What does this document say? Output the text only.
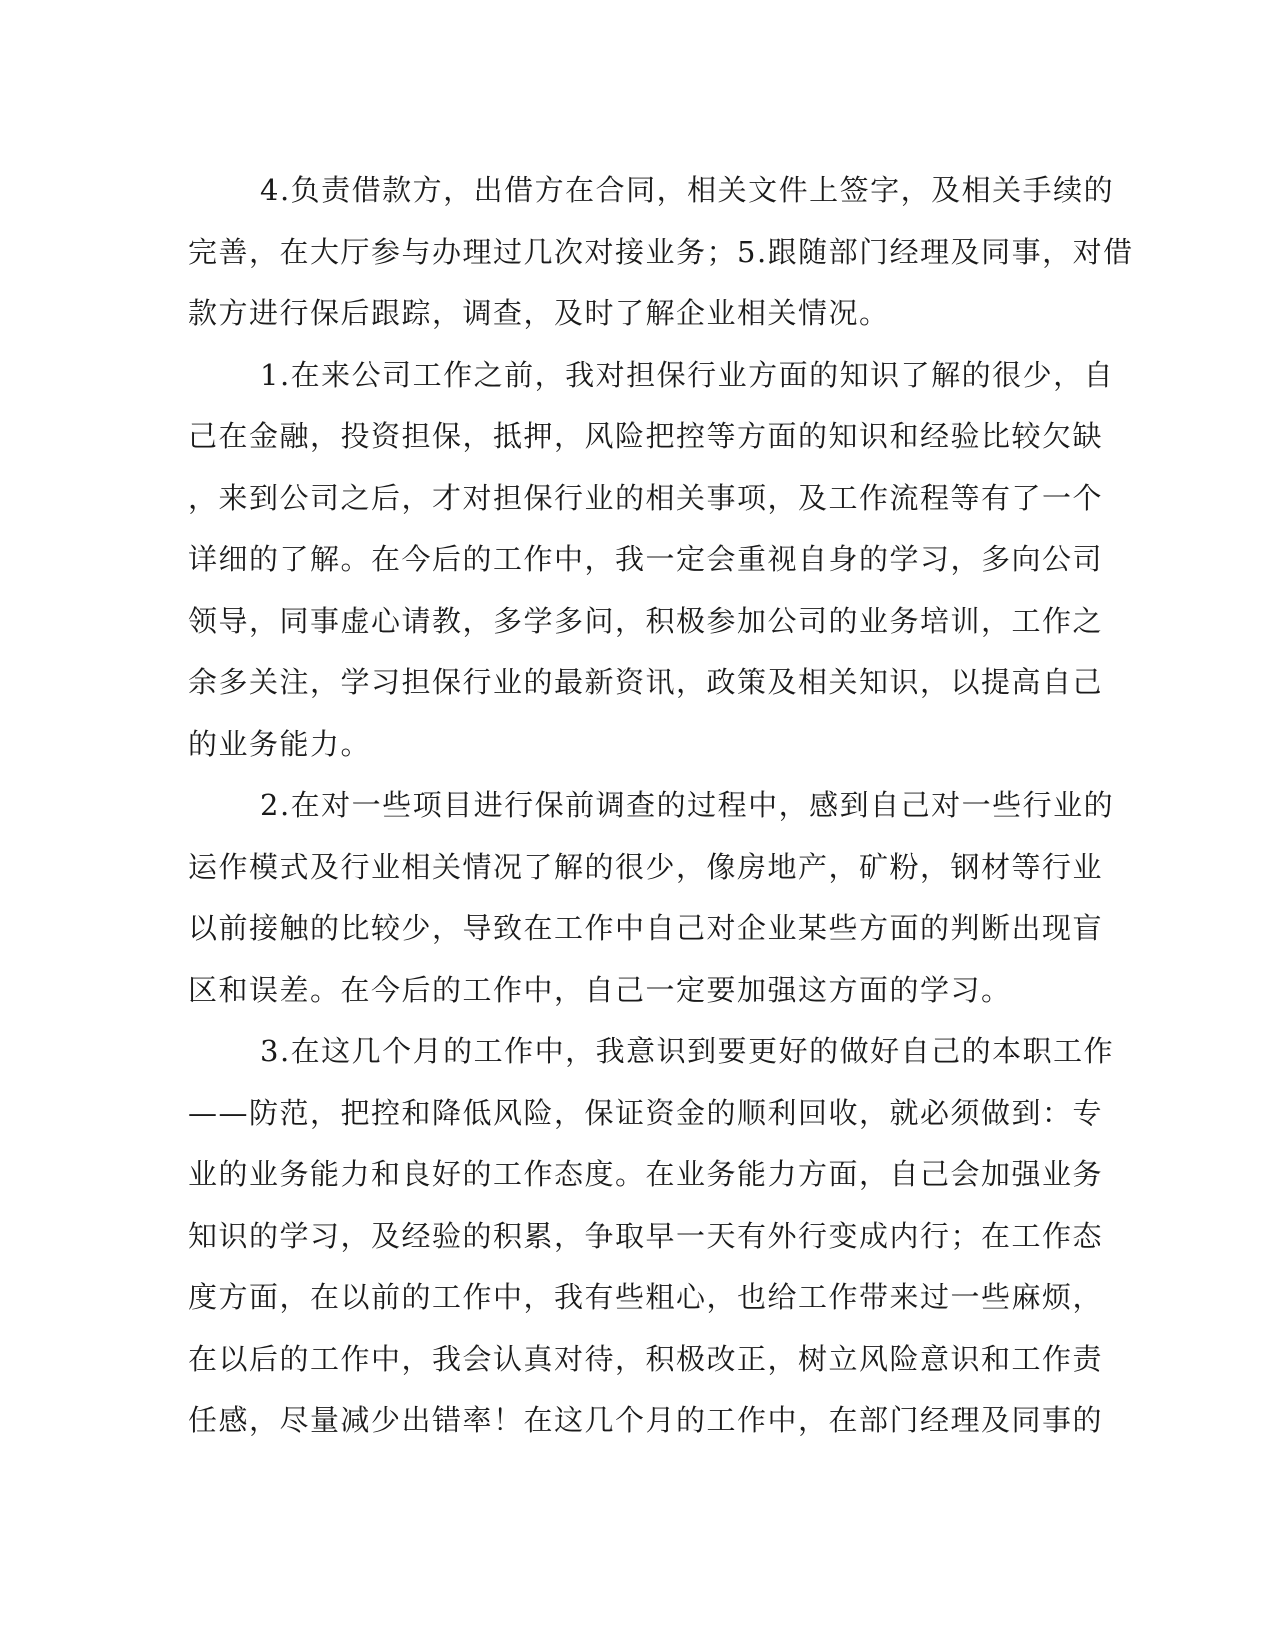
4.负责借款方，出借方在合同，相关文件上签字，及相关手续的
完善，在大厅参与办理过几次对接业务；5.跟随部门经理及同事，对借
款方进行保后跟踪，调查，及时了解企业相关情况。
1.在来公司工作之前，我对担保行业方面的知识了解的很少，自
己在金融，投资担保，抵押，风险把控等方面的知识和经验比较欠缺
，来到公司之后，才对担保行业的相关事项，及工作流程等有了一个
详细的了解。在今后的工作中，我一定会重视自身的学习，多向公司
领导，同事虚心请教，多学多问，积极参加公司的业务培训，工作之
余多关注，学习担保行业的最新资讯，政策及相关知识，以提高自己
的业务能力。
2.在对一些项目进行保前调查的过程中，感到自己对一些行业的
运作模式及行业相关情况了解的很少，像房地产，矿粉，钢材等行业
以前接触的比较少，导致在工作中自己对企业某些方面的判断出现盲
区和误差。在今后的工作中，自己一定要加强这方面的学习。
3.在这几个月的工作中，我意识到要更好的做好自己的本职工作
——防范，把控和降低风险，保证资金的顺利回收，就必须做到：专
业的业务能力和良好的工作态度。在业务能力方面，自己会加强业务
知识的学习，及经验的积累，争取早一天有外行变成内行；在工作态
度方面，在以前的工作中，我有些粗心，也给工作带来过一些麻烦，
在以后的工作中，我会认真对待，积极改正，树立风险意识和工作责
任感，尽量减少出错率！在这几个月的工作中，在部门经理及同事的
